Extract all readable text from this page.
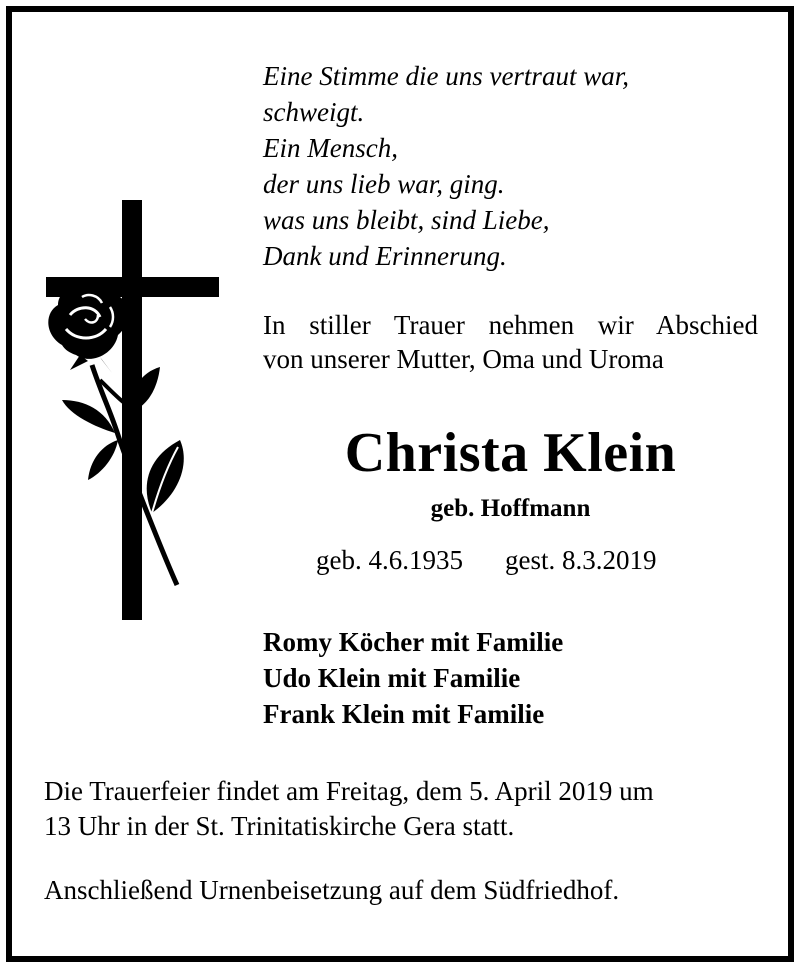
Eine Stimme die uns vertraut war,
schweigt.
Ein Mensch,
der uns lieb war, ging.
was uns bleibt, sind Liebe,
Dank und Erinnerung.

In stiller Trauer nehmen wir Abschied
von unserer Mutter, Oma und Uroma

Christa Klein

geb. Hoffmann

geb. 4.6.1935 gest. 8.3.2019
Romy Köcher mit Familie
Udo Klein mit Familie
Frank Klein mit Familie

Die Trauerfeier findet am Freitag, dem 5. April 2019 um
13 Uhr in der St. Trinitatiskirche Gera statt.

Anschließend Urnenbeisetzung auf dem Südfriedhof.
